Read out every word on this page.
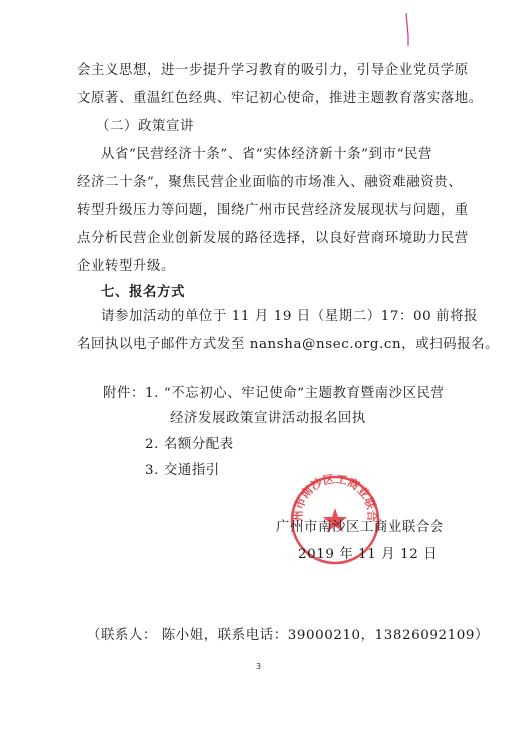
会主义思想，进一步提升学习教育的吸引力，引导企业党员学原
文原著、重温红色经典、牢记初心使命，推进主题教育落实落地。
（二）政策宣讲
从省“民营经济十条”、省“实体经济新十条”到市“民营
经济二十条”，聚焦民营企业面临的市场准入、融资难融资贵、
转型升级压力等问题，围绕广州市民营经济发展现状与问题，重
点分析民营企业创新发展的路径选择，以良好营商环境助力民营
企业转型升级。
七、报名方式
请参加活动的单位于 11 月 19 日（星期二）17：00 前将报
名回执以电子邮件方式发至 nansha@nsec.org.cn，或扫码报名。
附件： 1. “不忘初心、牢记使命”主题教育暨南沙区民营
经济发展政策宣讲活动报名回执
2. 名额分配表
3. 交通指引
州市南沙区工商业联合
广州市南沙区工商业联合会
2019 年 11 月 12 日
（联系人： 陈小姐，联系电话：39000210，13826092109）
3
